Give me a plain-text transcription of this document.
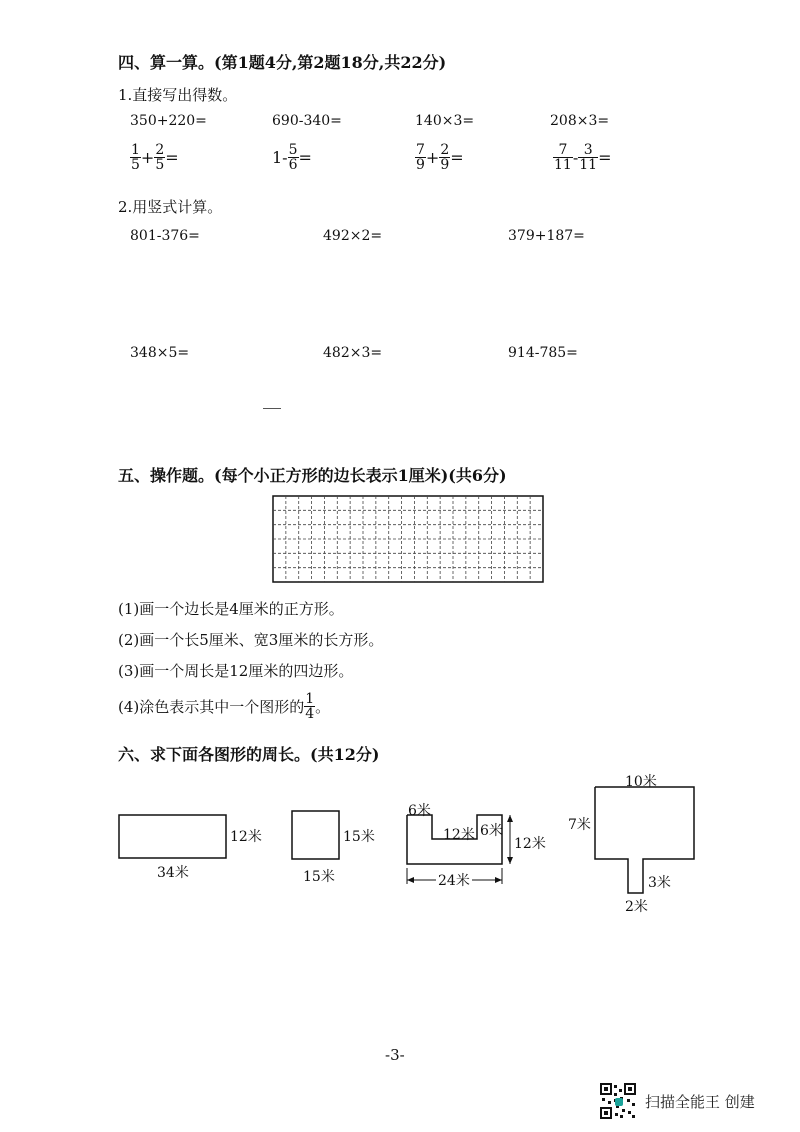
四、算一算。(第1题4分,第2题18分,共22分)
1.直接写出得数。
350+220=	690-340=	140×3=	208×3=
$\frac{1}{5} + \frac{2}{5}$ =	$1- \frac{5}{6}$ =	$\frac{7}{9} + \frac{2}{9}$ =	$\frac{7}{11} - \frac{3}{11}$ =
2.用竖式计算。
801-376=	492×2=	379+187=
348×5=	482×3=	914-785=
五、操作题。(每个小正方形的边长表示1厘米)(共6分)
(1)画一个边长是4厘米的正方形。
(2)画一个长5厘米、宽3厘米的长方形。
(3)画一个周长是12厘米的四边形。
(4)涂色表示其中一个图形的 $\frac{1}{4}$ 。
六、求下面各图形的周长。(共12分)
12米
34米
15米
15米
6米
12米 6米
12米
24米
10米
7米
3米
2米
-3-
扫描全能王 创建
